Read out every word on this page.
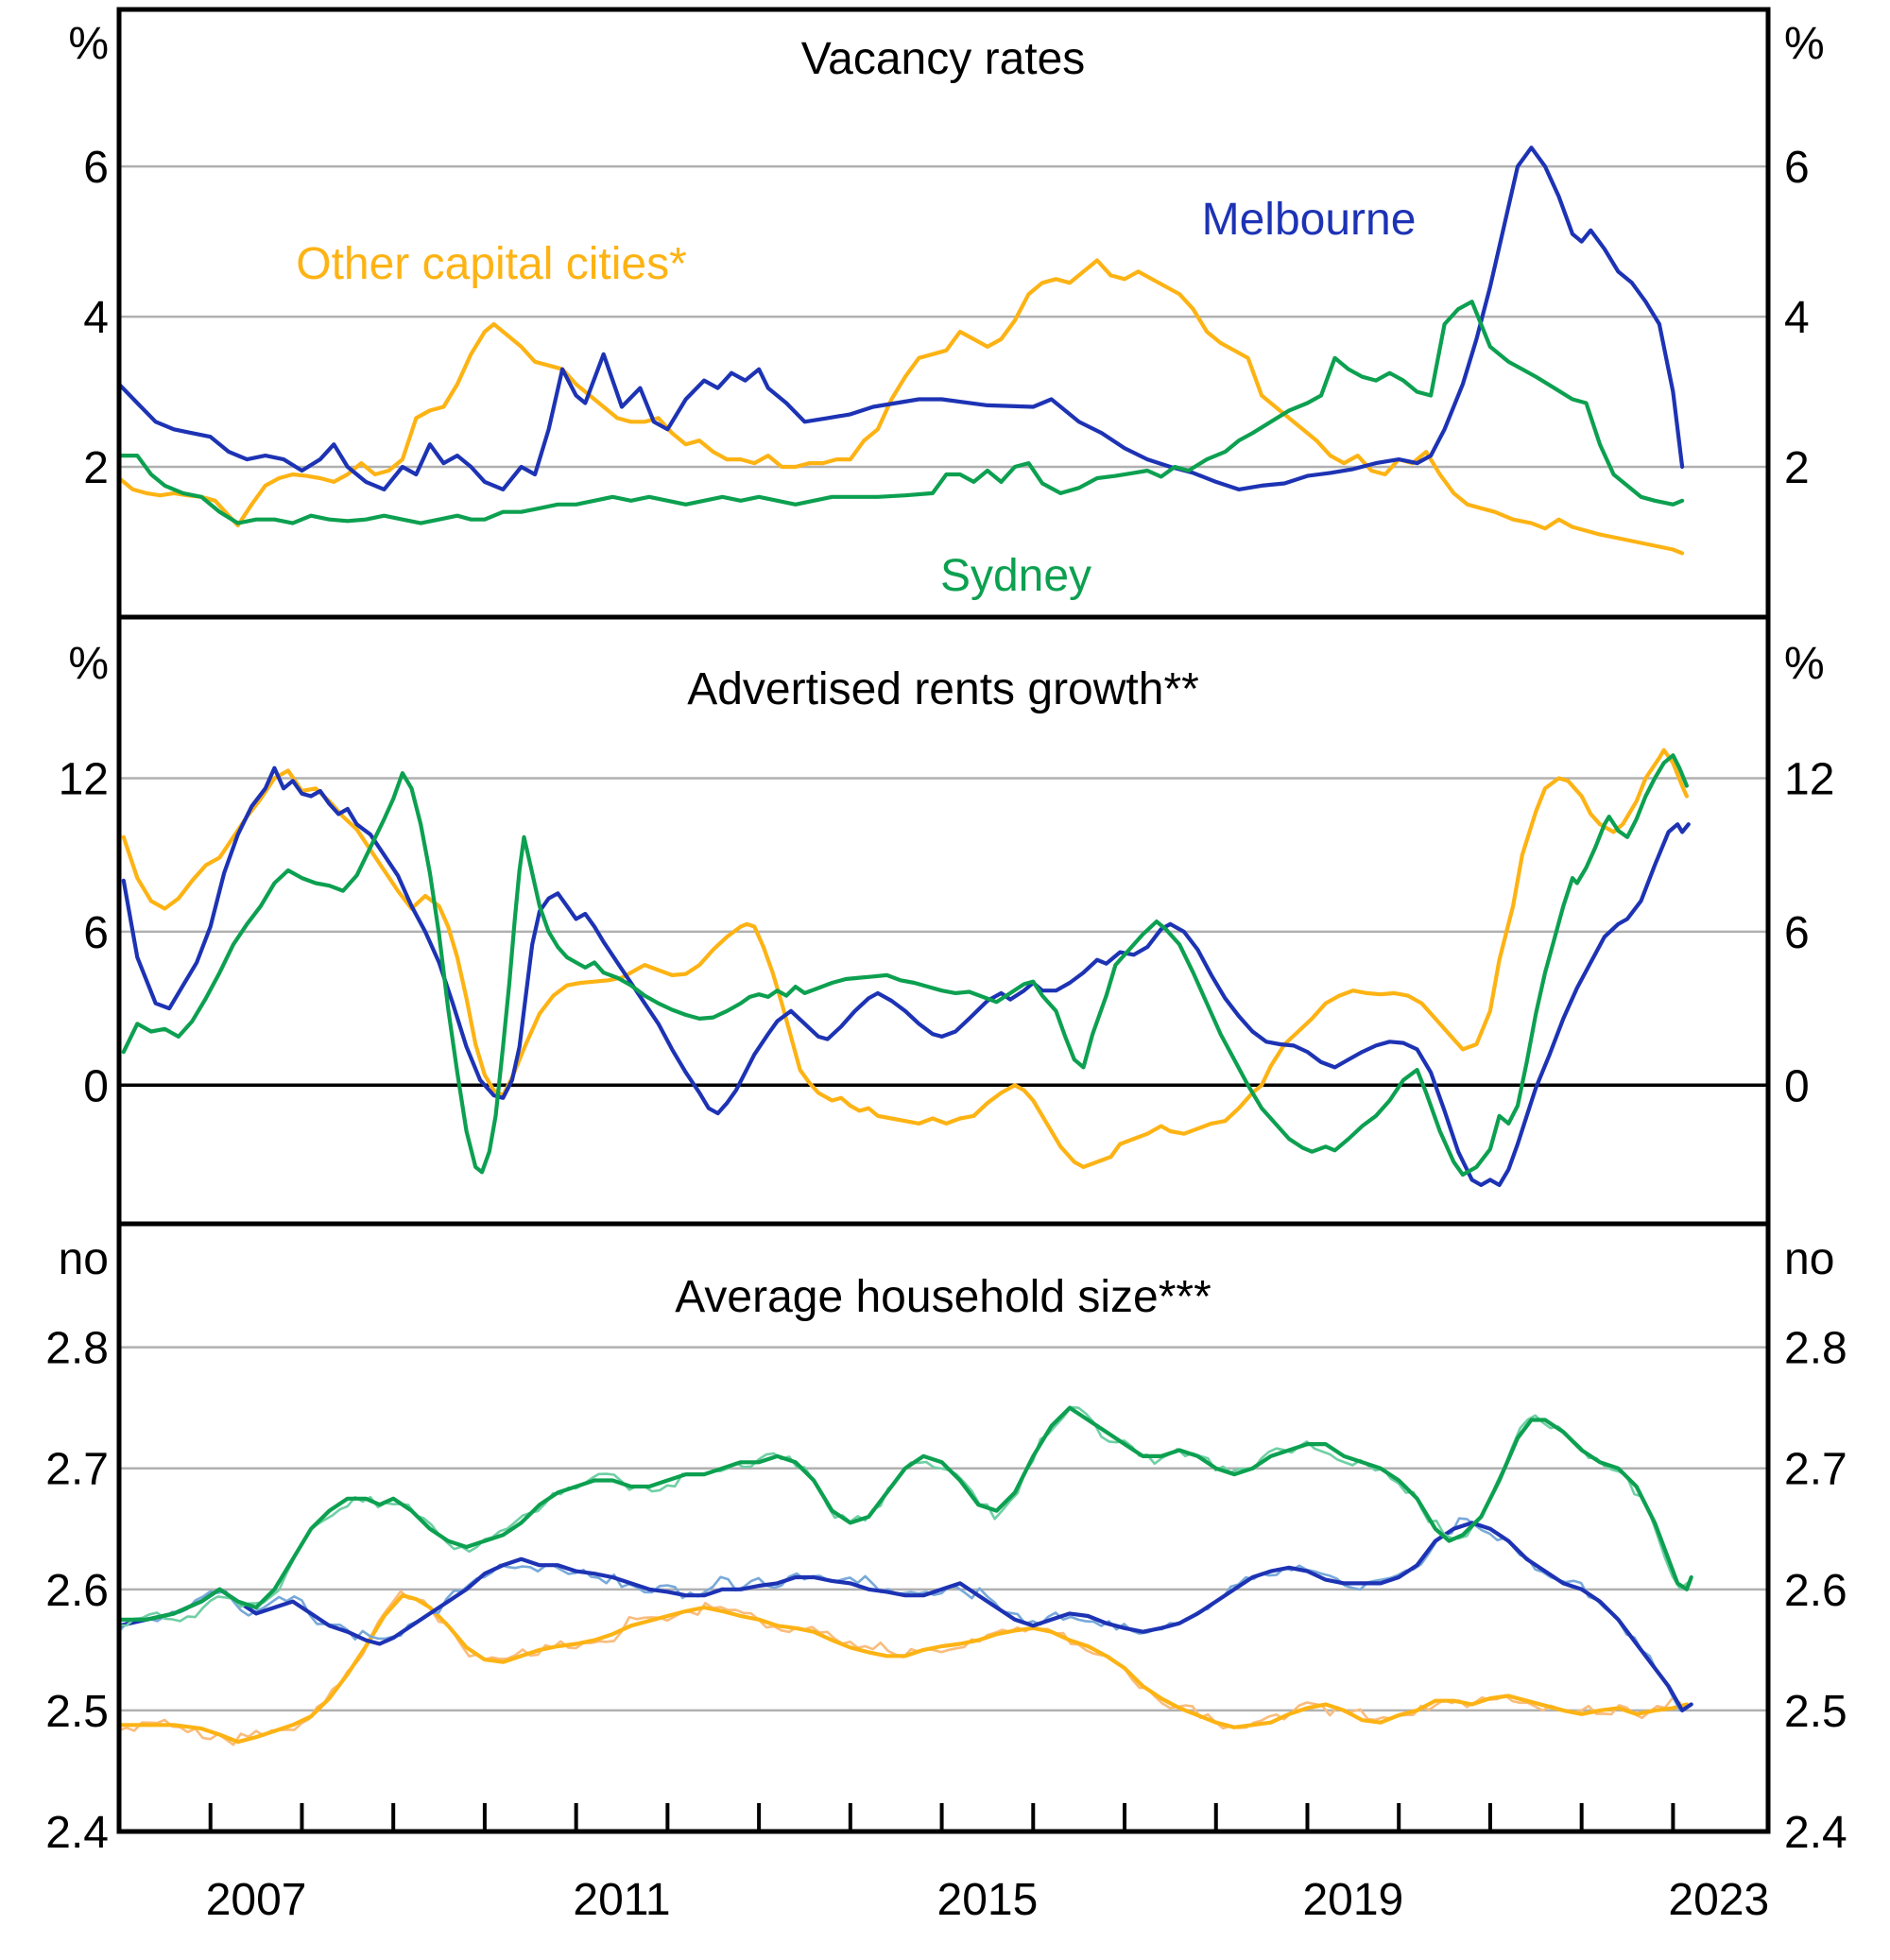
2	2
4	4
6	6
6	6
12	12
0	0
2.5	2.5
2.6	2.6
2.7	2.7
2.8	2.8
2.4	2.4
2007	2011	2015	2019	2023
Vacancy rates
Other capital cities*
Melbourne
Sydney
%	%
Advertised rents growth**
%	%
Average household size***
no	no
